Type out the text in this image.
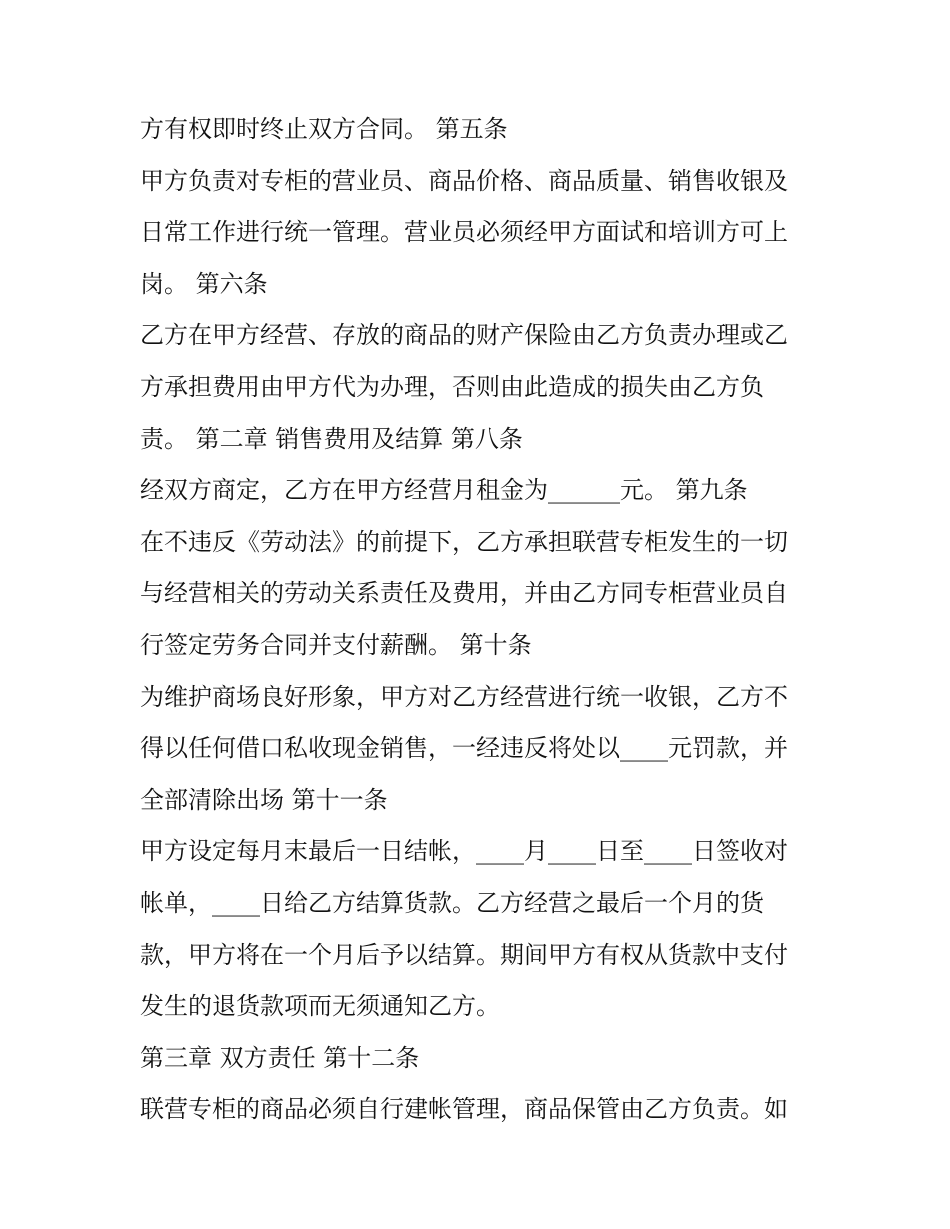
方有权即时终止双方合同。 第五条
甲方负责对专柜的营业员、商品价格、商品质量、销售收银及
日常工作进行统一管理。营业员必须经甲方面试和培训方可上
岗。 第六条
乙方在甲方经营、存放的商品的财产保险由乙方负责办理或乙
方承担费用由甲方代为办理，否则由此造成的损失由乙方负
责。 第二章 销售费用及结算 第八条
经双方商定，乙方在甲方经营月租金为______元。 第九条
在不违反《劳动法》的前提下，乙方承担联营专柜发生的一切
与经营相关的劳动关系责任及费用，并由乙方同专柜营业员自
行签定劳务合同并支付薪酬。 第十条
为维护商场良好形象，甲方对乙方经营进行统一收银，乙方不
得以任何借口私收现金销售，一经违反将处以____元罚款，并
全部清除出场 第十一条
甲方设定每月末最后一日结帐，____月____日至____日签收对
帐单，____日给乙方结算货款。乙方经营之最后一个月的货
款，甲方将在一个月后予以结算。期间甲方有权从货款中支付
发生的退货款项而无须通知乙方。
第三章 双方责任 第十二条
联营专柜的商品必须自行建帐管理，商品保管由乙方负责。如
